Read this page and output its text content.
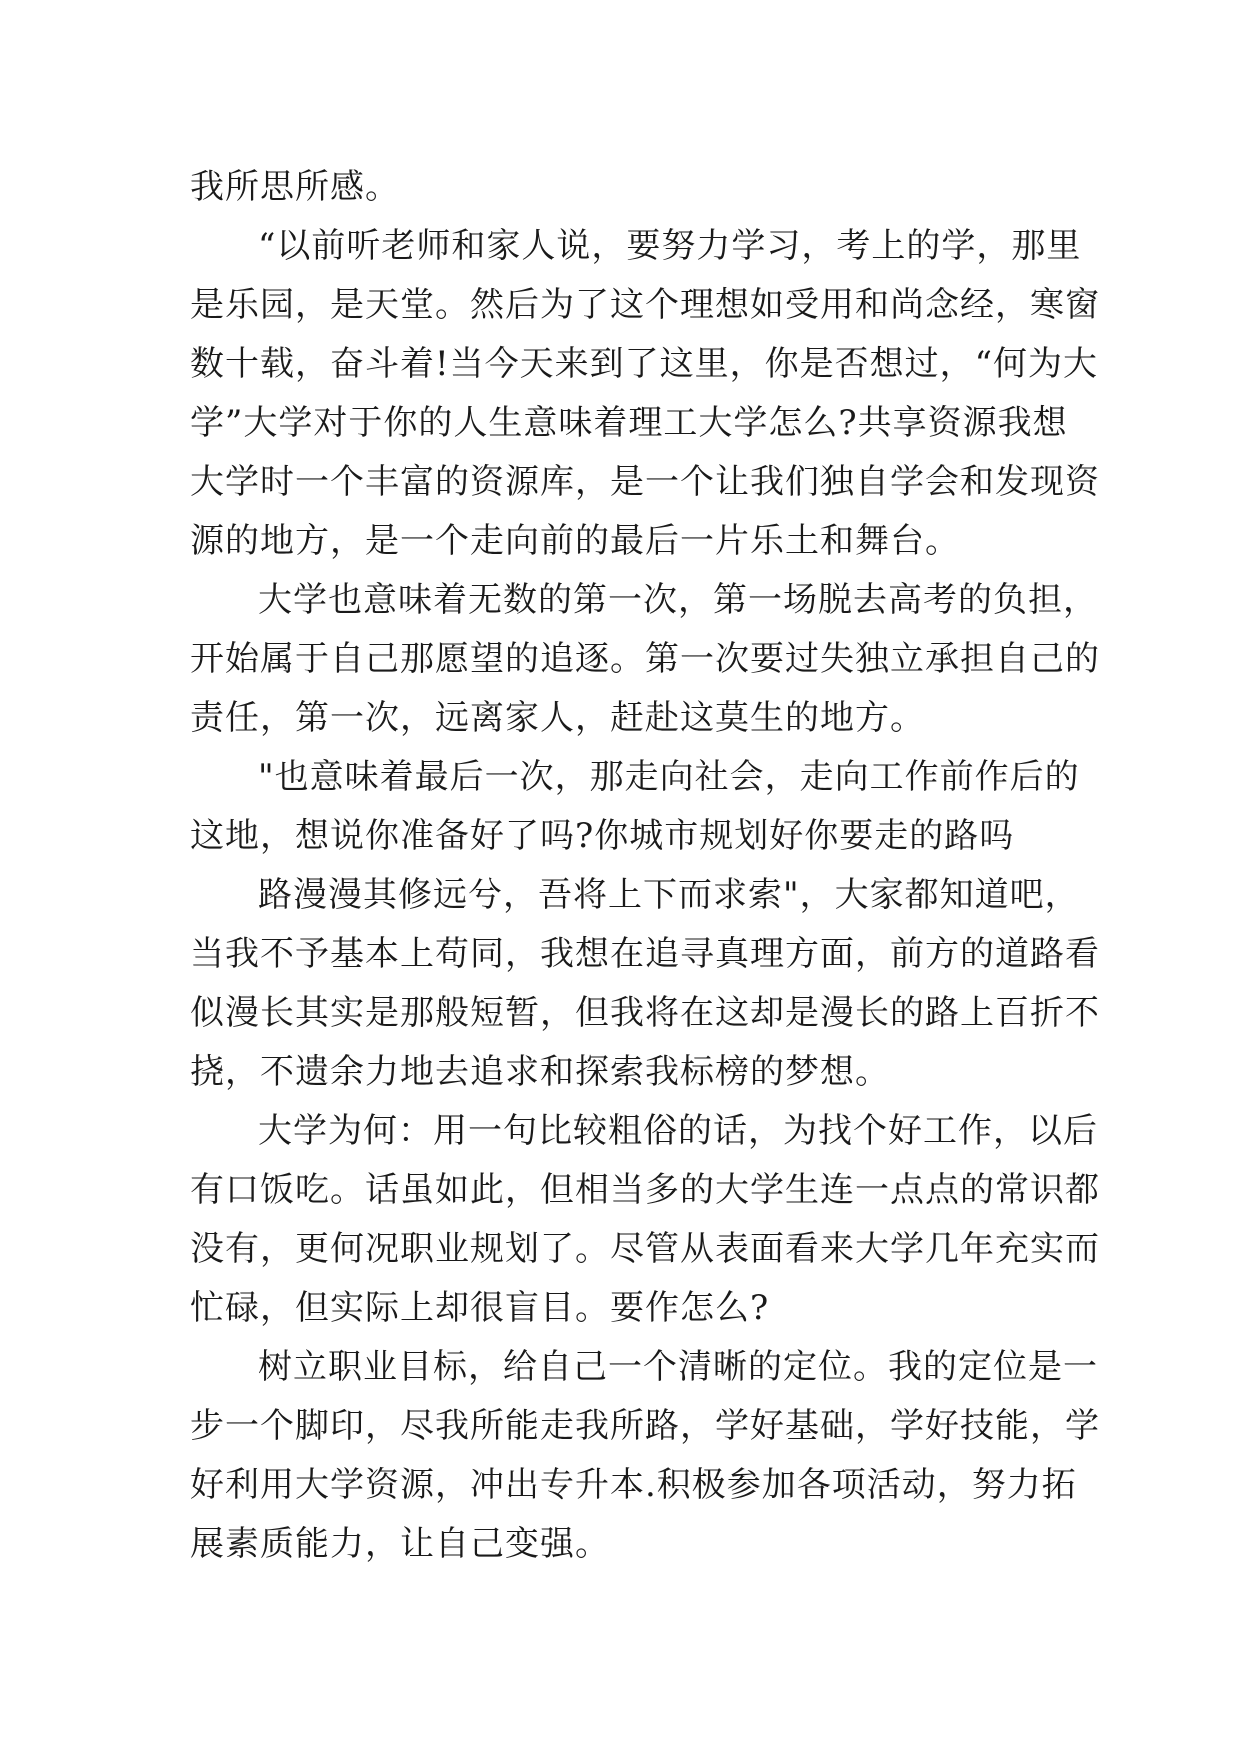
我所思所感。
“以前听老师和家人说，要努力学习，考上的学，那里
是乐园，是天堂。然后为了这个理想如受用和尚念经，寒窗
数十载，奋斗着!当今天来到了这里，你是否想过，“何为大
学”大学对于你的人生意味着理工大学怎么?共享资源我想
大学时一个丰富的资源库，是一个让我们独自学会和发现资
源的地方，是一个走向前的最后一片乐土和舞台。
大学也意味着无数的第一次，第一场脱去高考的负担，
开始属于自己那愿望的追逐。第一次要过失独立承担自己的
责任，第一次，远离家人，赶赴这莫生的地方。
"也意味着最后一次，那走向社会，走向工作前作后的
这地，想说你准备好了吗?你城市规划好你要走的路吗
路漫漫其修远兮，吾将上下而求索"，大家都知道吧，
当我不予基本上苟同，我想在追寻真理方面，前方的道路看
似漫长其实是那般短暂，但我将在这却是漫长的路上百折不
挠，不遗余力地去追求和探索我标榜的梦想。
大学为何：用一句比较粗俗的话，为找个好工作，以后
有口饭吃。话虽如此，但相当多的大学生连一点点的常识都
没有，更何况职业规划了。尽管从表面看来大学几年充实而
忙碌，但实际上却很盲目。要作怎么?
树立职业目标，给自己一个清晰的定位。我的定位是一
步一个脚印，尽我所能走我所路，学好基础，学好技能，学
好利用大学资源，冲出专升本.积极参加各项活动，努力拓
展素质能力，让自己变强。
